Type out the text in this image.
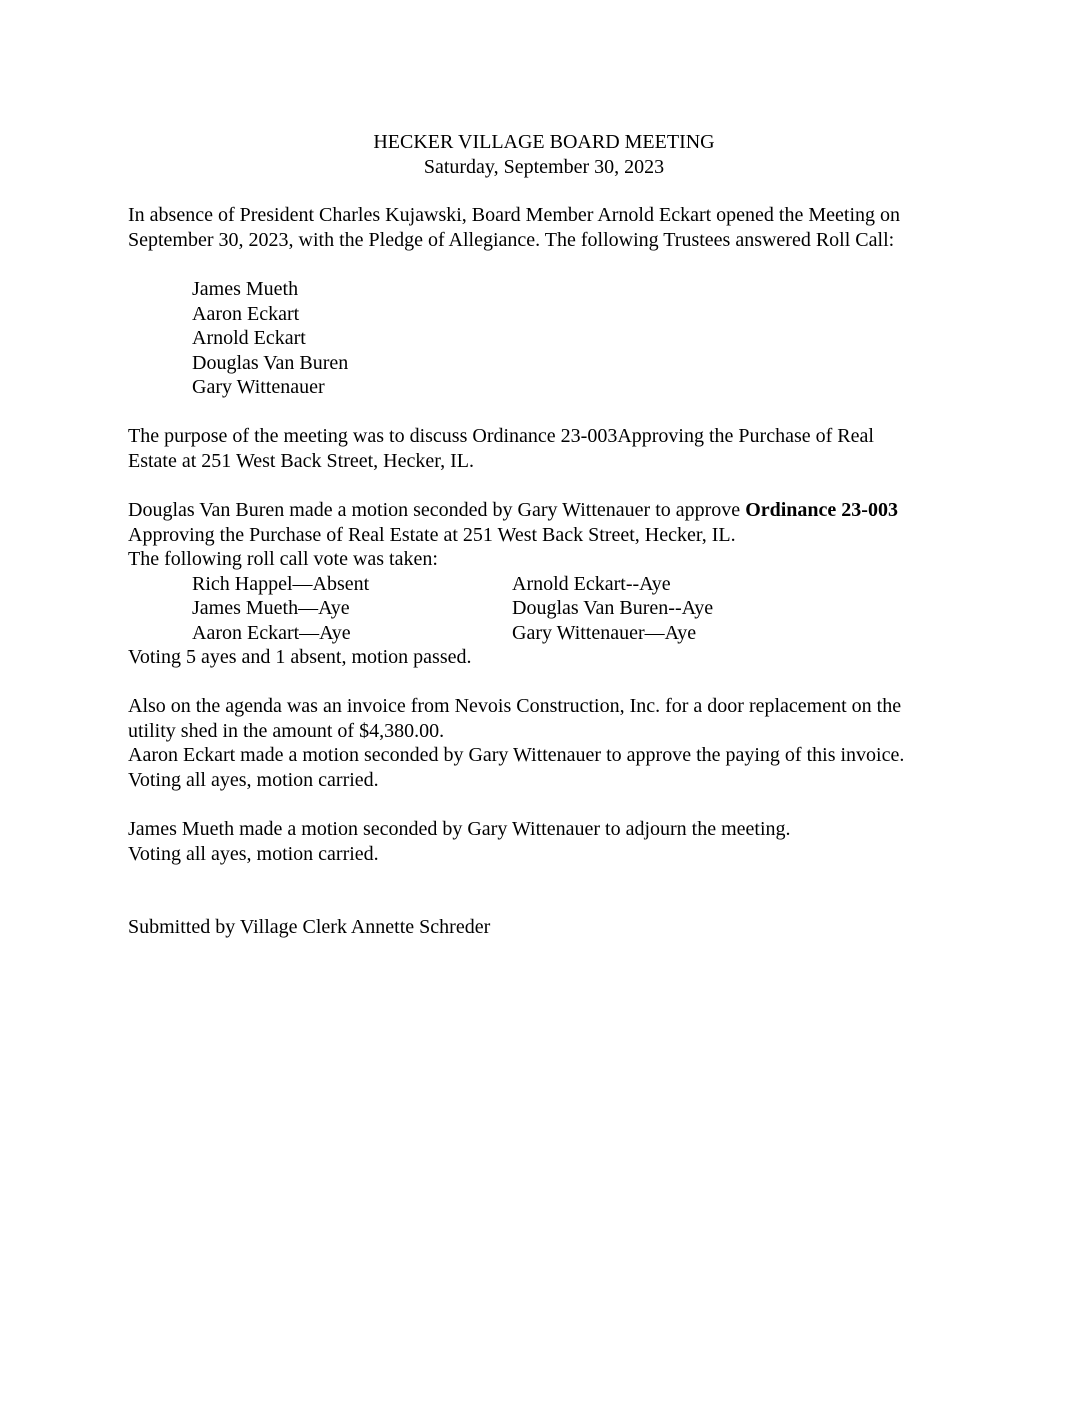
HECKER VILLAGE BOARD MEETING
Saturday, September 30, 2023
In absence of President Charles Kujawski, Board Member Arnold Eckart opened the Meeting on
September 30, 2023, with the Pledge of Allegiance. The following Trustees answered Roll Call:
James Mueth
Aaron Eckart
Arnold Eckart
Douglas Van Buren
Gary Wittenauer
The purpose of the meeting was to discuss Ordinance 23-003Approving the Purchase of Real
Estate at 251 West Back Street, Hecker, IL.
Douglas Van Buren made a motion seconded by Gary Wittenauer to approve Ordinance 23-003
Approving the Purchase of Real Estate at 251 West Back Street, Hecker, IL.
The following roll call vote was taken:
Rich Happel—Absent	Arnold Eckart--Aye
James Mueth—Aye	Douglas Van Buren--Aye
Aaron Eckart—Aye	Gary Wittenauer—Aye
Voting 5 ayes and 1 absent, motion passed.
Also on the agenda was an invoice from Nevois Construction, Inc. for a door replacement on the
utility shed in the amount of $4,380.00.
Aaron Eckart made a motion seconded by Gary Wittenauer to approve the paying of this invoice.
Voting all ayes, motion carried.
James Mueth made a motion seconded by Gary Wittenauer to adjourn the meeting.
Voting all ayes, motion carried.
Submitted by Village Clerk Annette Schreder
